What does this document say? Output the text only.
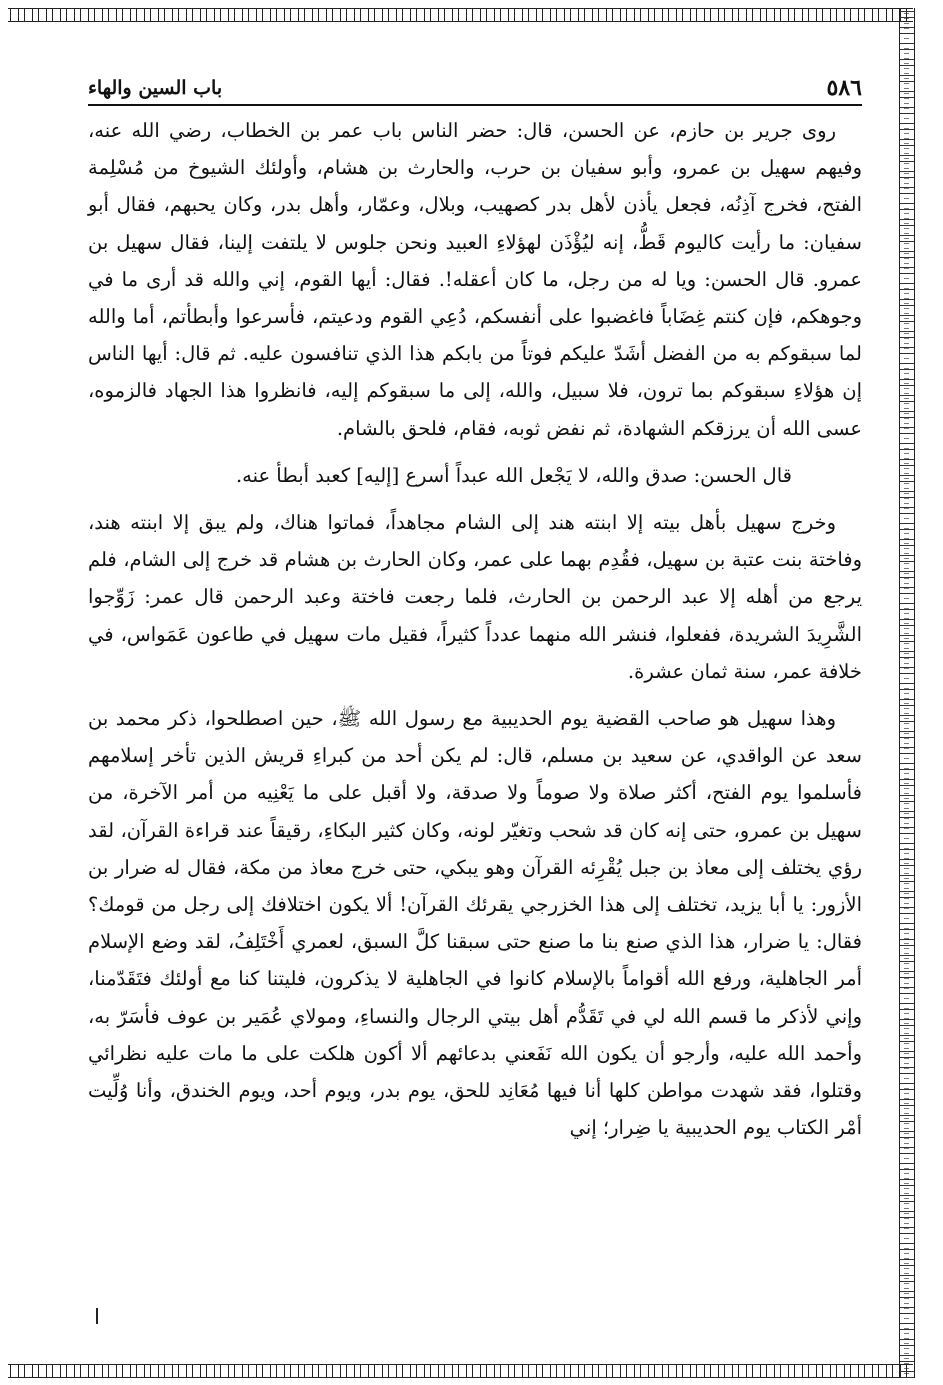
٥٨٦
باب السين والهاء

روى جرير بن حازم، عن الحسن، قال: حضر الناس باب عمر بن الخطاب، رضي الله عنه، وفيهم سهيل بن عمرو، وأبو سفيان بن حرب، والحارث بن هشام، وأولئك الشيوخ من مُسْلِمة الفتح، فخرج آذِنُه، فجعل يأذن لأهل بدر كصهيب، وبلال، وعمّار، وأهل بدر، وكان يحبهم، فقال أبو سفيان: ما رأيت كاليوم قَطُّ، إنه ليُؤْذَن لهؤلاءِ العبيد ونحن جلوس لا يلتفت إلينا، فقال سهيل بن عمرو. قال الحسن: ويا له من رجل، ما كان أعقله!. فقال: أيها القوم، إني والله قد أرى ما في وجوهكم، فإن كنتم غِضَاباً فاغضبوا على أنفسكم، دُعِي القوم ودعيتم، فأسرعوا وأبطأتم، أما والله لما سبقوكم به من الفضل أشَدّ عليكم فوتاً من بابكم هذا الذي تنافسون عليه. ثم قال: أيها الناس إن هؤلاءِ سبقوكم بما ترون، فلا سبيل، والله، إلى ما سبقوكم إليه، فانظروا هذا الجهاد فالزموه، عسى الله أن يرزقكم الشهادة، ثم نفض ثوبه، فقام، فلحق بالشام.

قال الحسن: صدق والله، لا يَجْعل الله عبداً أسرع [إليه] كعبد أبطأ عنه.

وخرج سهيل بأهل بيته إلا ابنته هند إلى الشام مجاهداً، فماتوا هناك، ولم يبق إلا ابنته هند، وفاختة بنت عتبة بن سهيل، فقُدِم بهما على عمر، وكان الحارث بن هشام قد خرج إلى الشام، فلم يرجع من أهله إلا عبد الرحمن بن الحارث، فلما رجعت فاختة وعبد الرحمن قال عمر: زَوِّجوا الشَّرِيدَ الشريدة، ففعلوا، فنشر الله منهما عدداً كثيراً، فقيل مات سهيل في طاعون عَمَواس، في خلافة عمر، سنة ثمان عشرة.

وهذا سهيل هو صاحب القضية يوم الحديبية مع رسول الله ﷺ، حين اصطلحوا، ذكر محمد بن سعد عن الواقدي، عن سعيد بن مسلم، قال: لم يكن أحد من كبراءِ قريش الذين تأخر إسلامهم فأسلموا يوم الفتح، أكثر صلاة ولا صوماً ولا صدقة، ولا أقبل على ما يَعْنِيه من أمر الآخرة، من سهيل بن عمرو، حتى إنه كان قد شحب وتغيّر لونه، وكان كثير البكاءِ، رقيقاً عند قراءة القرآن، لقد رؤي يختلف إلى معاذ بن جبل يُقْرِئه القرآن وهو يبكي، حتى خرج معاذ من مكة، فقال له ضرار بن الأزور: يا أبا يزيد، تختلف إلى هذا الخزرجي يقرئك القرآن! ألا يكون اختلافك إلى رجل من قومك؟ فقال: يا ضرار، هذا الذي صنع بنا ما صنع حتى سبقنا كلَّ السبق، لعمري أَخْتَلِفُ، لقد وضع الإسلام أمر الجاهلية، ورفع الله أقواماً بالإسلام كانوا في الجاهلية لا يذكرون، فليتنا كنا مع أولئك فتَقَدّمنا، وإني لأذكر ما قسم الله لي في تَقَدُّم أهل بيتي الرجال والنساءِ، ومولاي عُمَير بن عوف فأسَرّ به، وأحمد الله عليه، وأرجو أن يكون الله نَفَعني بدعائهم ألا أكون هلكت على ما مات عليه نظرائي وقتلوا، فقد شهدت مواطن كلها أنا فيها مُعَانِد للحق، يوم بدر، ويوم أحد، ويوم الخندق، وأنا وُلِّيت أمْر الكتاب يوم الحديبية يا ضِرار؛ إني
